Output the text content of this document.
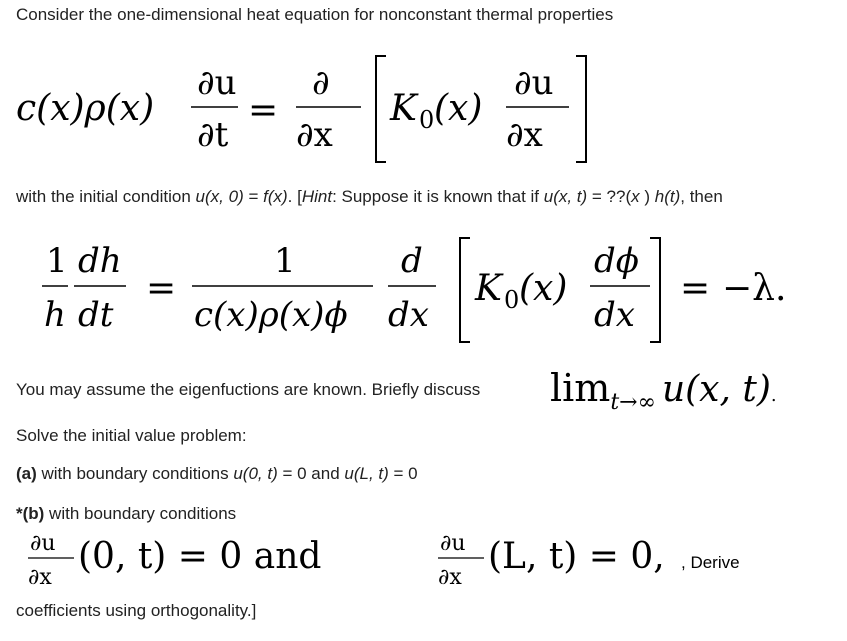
Consider the one-dimensional heat equation for nonconstant thermal properties
c(x)ρ(x)
∂u
∂t
=
∂
∂x
K 0 (x)
∂u
∂x
with the initial condition u(x, 0) = f(x). [Hint: Suppose it is known that if u(x, t) = ??(x ) h(t), then
1
h
dh
dt
=
1
c(x)ρ(x)ϕ
d
dx
K 0 (x)
dϕ
dx
= −λ.
You may assume the eigenfuctions are known. Briefly discuss limt→∞ u(x, t).
Solve the initial value problem:
(a) with boundary conditions u(0, t) = 0 and u(L, t) = 0
*(b) with boundary conditions
∂u
∂x
(0, t) = 0 and	∂u
∂x
(L, t) = 0, , Derive
coefficients using orthogonality.]
